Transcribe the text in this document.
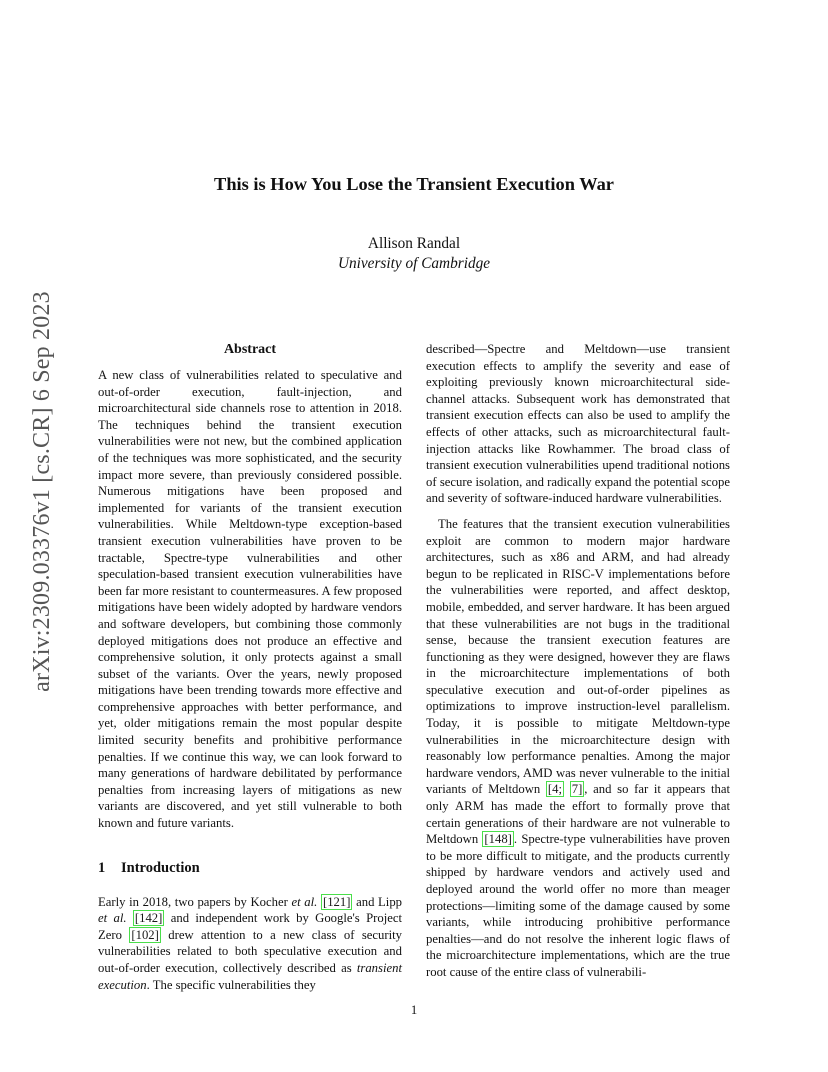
arXiv:2309.03376v1 [cs.CR] 6 Sep 2023
This is How You Lose the Transient Execution War
Allison Randal
University of Cambridge
Abstract

A new class of vulnerabilities related to speculative and out-of-order execution, fault-injection, and microarchitectural side channels rose to attention in 2018. The techniques behind the transient execution vulnerabilities were not new, but the combined application of the techniques was more sophisticated, and the security impact more severe, than previously considered possible. Numerous mitigations have been proposed and implemented for variants of the transient execution vulnerabilities. While Meltdown-type exception-based transient execution vulnerabilities have proven to be tractable, Spectre-type vulnerabilities and other speculation-based transient execution vulnerabilities have been far more resistant to countermeasures. A few proposed mitigations have been widely adopted by hardware vendors and software developers, but combining those commonly deployed mitigations does not produce an effective and comprehensive solution, it only protects against a small subset of the variants. Over the years, newly proposed mitigations have been trending towards more effective and comprehensive approaches with better performance, and yet, older mitigations remain the most popular despite limited security benefits and prohibitive performance penalties. If we continue this way, we can look forward to many generations of hardware debilitated by performance penalties from increasing layers of mitigations as new variants are discovered, and yet still vulnerable to both known and future variants.

1 Introduction

Early in 2018, two papers by Kocher et al. [121] and Lipp et al. [142] and independent work by Google's Project Zero [102] drew attention to a new class of security vulnerabilities related to both speculative execution and out-of-order execution, collectively described as transient execution. The specific vulnerabilities they

described—Spectre and Meltdown—use transient execution effects to amplify the severity and ease of exploiting previously known microarchitectural side-channel attacks. Subsequent work has demonstrated that transient execution effects can also be used to amplify the effects of other attacks, such as microarchitectural fault-injection attacks like Rowhammer. The broad class of transient execution vulnerabilities upend traditional notions of secure isolation, and radically expand the potential scope and severity of software-induced hardware vulnerabilities.

The features that the transient execution vulnerabilities exploit are common to modern major hardware architectures, such as x86 and ARM, and had already begun to be replicated in RISC-V implementations before the vulnerabilities were reported, and affect desktop, mobile, embedded, and server hardware. It has been argued that these vulnerabilities are not bugs in the traditional sense, because the transient execution features are functioning as they were designed, however they are flaws in the microarchitecture implementations of both speculative execution and out-of-order pipelines as optimizations to improve instruction-level parallelism. Today, it is possible to mitigate Meltdown-type vulnerabilities in the microarchitecture design with reasonably low performance penalties. Among the major hardware vendors, AMD was never vulnerable to the initial variants of Meltdown [4; 7] , and so far it appears that only ARM has made the effort to formally prove that certain generations of their hardware are not vulnerable to Meltdown [148] . Spectre-type vulnerabilities have proven to be more difficult to mitigate, and the products currently shipped by hardware vendors and actively used and deployed around the world offer no more than meager protections—limiting some of the damage caused by some variants, while introducing prohibitive performance penalties—and do not resolve the inherent logic flaws of the microarchitecture implementations, which are the true root cause of the entire class of vulnerabili-

1
